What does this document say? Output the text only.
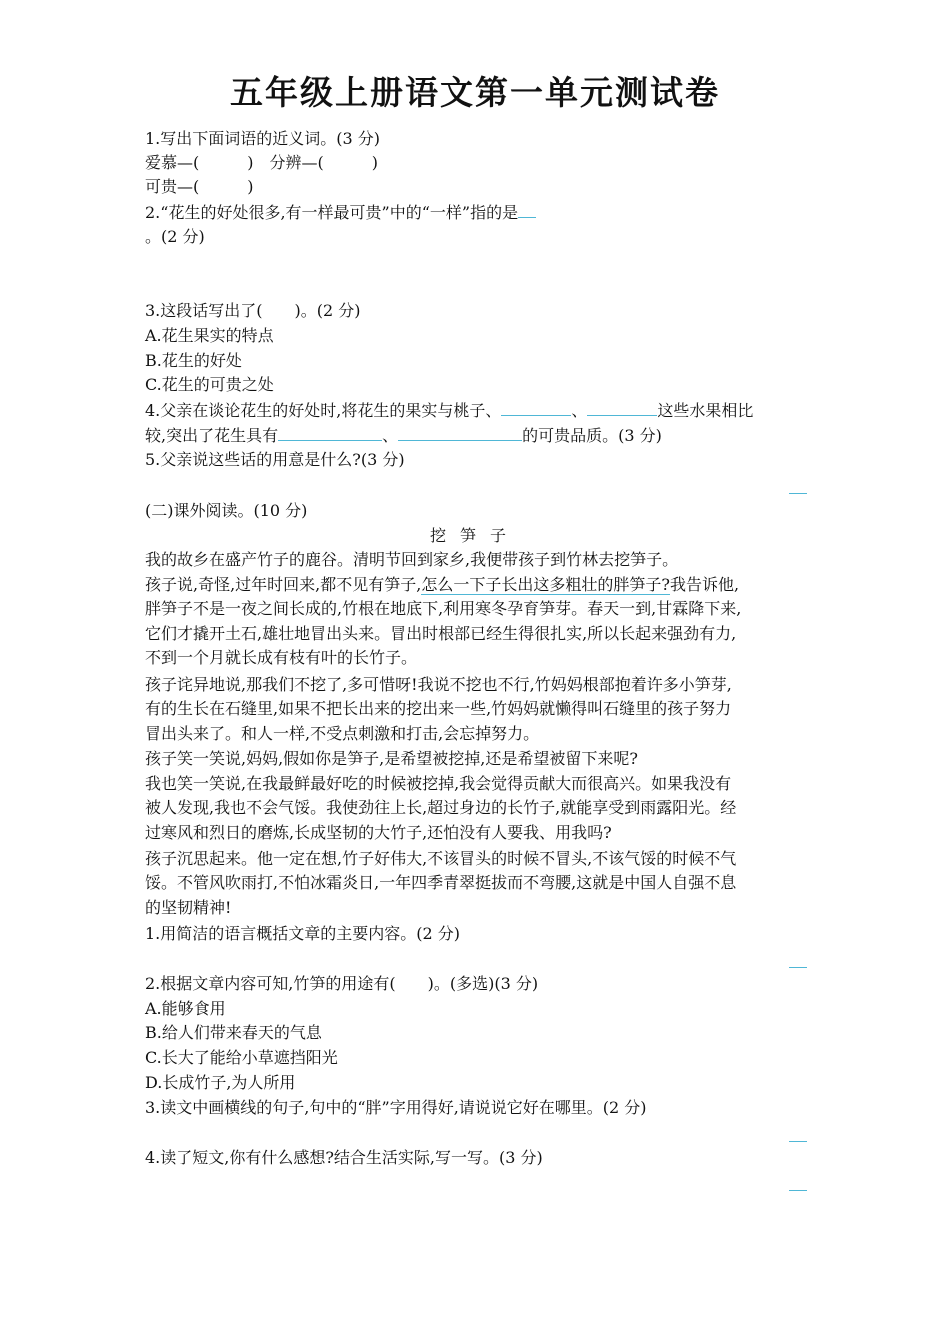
五年级上册语文第一单元测试卷

1.写出下面词语的近义词。(3 分)

爱慕—(　　　)　分辨—(　　　)

可贵—(　　　)

2.“花生的好处很多,有一样最可贵”中的“一样”指的是

。(2 分)

3.这段话写出了(　　)。(2 分)

A.花生果实的特点

B.花生的好处

C.花生的可贵之处

4.父亲在谈论花生的好处时,将花生的果实与桃子、	、	这些水果相比

较,突出了花生具有	、	的可贵品质。(3 分)

5.父亲说这些话的用意是什么?(3 分)

(二)课外阅读。(10 分)

挖笋子

我的故乡在盛产竹子的鹿谷。清明节回到家乡,我便带孩子到竹林去挖笋子。

孩子说,奇怪,过年时回来,都不见有笋子,怎么一下子长出这多粗壮的胖笋子?我告诉他,

胖笋子不是一夜之间长成的,竹根在地底下,利用寒冬孕育笋芽。春天一到,甘霖降下来,

它们才撬开土石,雄壮地冒出头来。冒出时根部已经生得很扎实,所以长起来强劲有力,

不到一个月就长成有枝有叶的长竹子。

孩子诧异地说,那我们不挖了,多可惜呀!我说不挖也不行,竹妈妈根部抱着许多小笋芽,

有的生长在石缝里,如果不把长出来的挖出来一些,竹妈妈就懒得叫石缝里的孩子努力

冒出头来了。和人一样,不受点刺激和打击,会忘掉努力。

孩子笑一笑说,妈妈,假如你是笋子,是希望被挖掉,还是希望被留下来呢?

我也笑一笑说,在我最鲜最好吃的时候被挖掉,我会觉得贡献大而很高兴。如果我没有

被人发现,我也不会气馁。我使劲往上长,超过身边的长竹子,就能享受到雨露阳光。经

过寒风和烈日的磨炼,长成坚韧的大竹子,还怕没有人要我、用我吗?

孩子沉思起来。他一定在想,竹子好伟大,不该冒头的时候不冒头,不该气馁的时候不气

馁。不管风吹雨打,不怕冰霜炎日,一年四季青翠挺拔而不弯腰,这就是中国人自强不息

的坚韧精神!

1.用简洁的语言概括文章的主要内容。(2 分)

2.根据文章内容可知,竹笋的用途有(　　)。(多选)(3 分)

A.能够食用

B.给人们带来春天的气息

C.长大了能给小草遮挡阳光

D.长成竹子,为人所用

3.读文中画横线的句子,句中的“胖”字用得好,请说说它好在哪里。(2 分)

4.读了短文,你有什么感想?结合生活实际,写一写。(3 分)
